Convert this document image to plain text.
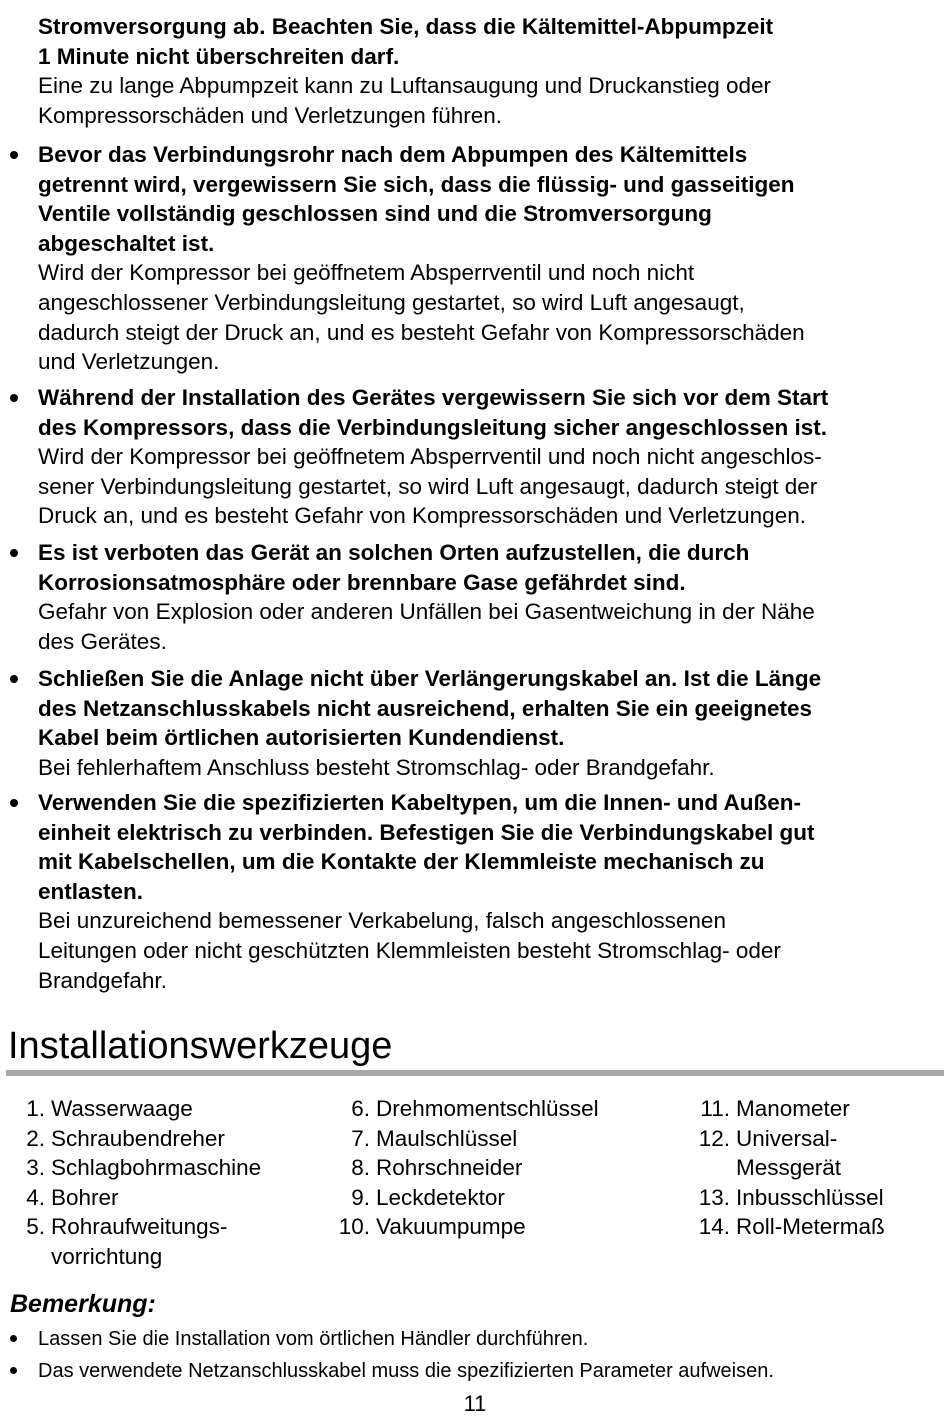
Stromversorgung ab. Beachten Sie, dass die Kältemittel-Abpumpzeit
1 Minute nicht überschreiten darf.
Eine zu lange Abpumpzeit kann zu Luftansaugung und Druckanstieg oder
Kompressorschäden und Verletzungen führen.
Bevor das Verbindungsrohr nach dem Abpumpen des Kältemittels
getrennt wird, vergewissern Sie sich, dass die flüssig- und gasseitigen
Ventile vollständig geschlossen sind und die Stromversorgung
abgeschaltet ist.
Wird der Kompressor bei geöffnetem Absperrventil und noch nicht
angeschlossener Verbindungsleitung gestartet, so wird Luft angesaugt,
dadurch steigt der Druck an, und es besteht Gefahr von Kompressorschäden
und Verletzungen.
Während der Installation des Gerätes vergewissern Sie sich vor dem Start
des Kompressors, dass die Verbindungsleitung sicher angeschlossen ist.
Wird der Kompressor bei geöffnetem Absperrventil und noch nicht angeschlos-
sener Verbindungsleitung gestartet, so wird Luft angesaugt, dadurch steigt der
Druck an, und es besteht Gefahr von Kompressorschäden und Verletzungen.
Es ist verboten das Gerät an solchen Orten aufzustellen, die durch
Korrosionsatmosphäre oder brennbare Gase gefährdet sind.
Gefahr von Explosion oder anderen Unfällen bei Gasentweichung in der Nähe
des Gerätes.
Schließen Sie die Anlage nicht über Verlängerungskabel an. Ist die Länge
des Netzanschlusskabels nicht ausreichend, erhalten Sie ein geeignetes
Kabel beim örtlichen autorisierten Kundendienst.
Bei fehlerhaftem Anschluss besteht Stromschlag- oder Brandgefahr.
Verwenden Sie die spezifizierten Kabeltypen, um die Innen- und Außen-
einheit elektrisch zu verbinden. Befestigen Sie die Verbindungskabel gut
mit Kabelschellen, um die Kontakte der Klemmleiste mechanisch zu
entlasten.
Bei unzureichend bemessener Verkabelung, falsch angeschlossenen
Leitungen oder nicht geschützten Klemmleisten besteht Stromschlag- oder
Brandgefahr.
Installationswerkzeuge
1. Wasserwaage
2. Schraubendreher
3. Schlagbohrmaschine
4. Bohrer
5. Rohraufweitungs-
vorrichtung
6. Drehmomentschlüssel
7. Maulschlüssel
8. Rohrschneider
9. Leckdetektor
10. Vakuumpumpe
11. Manometer
12. Universal-
Messgerät
13. Inbusschlüssel
14. Roll-Metermaß
Bemerkung:
Lassen Sie die Installation vom örtlichen Händler durchführen.
Das verwendete Netzanschlusskabel muss die spezifizierten Parameter aufweisen.
11
